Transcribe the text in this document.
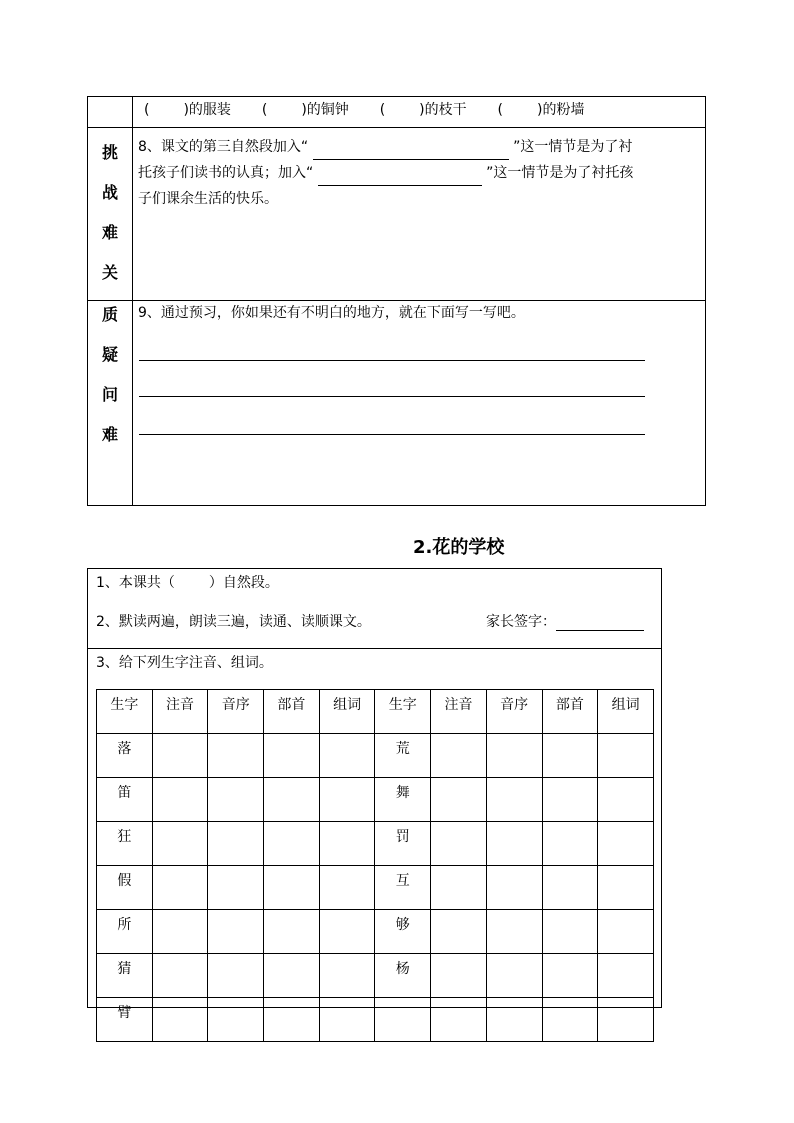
( )的服装 ( )的铜钟 ( )的枝干 ( )的粉墙
挑
战
难
关
8、课文的第三自然段加入“	”这一情节是为了衬
托孩子们读书的认真；加入“	”这一情节是为了衬托孩
子们课余生活的快乐。
质
疑
问
难
9、通过预习，你如果还有不明白的地方，就在下面写一写吧。
2.花的学校
1、本课共（ ）自然段。
2、默读两遍，朗读三遍，读通、读顺课文。	家长签字：
3、给下列生字注音、组词。
生字	注音	音序	部首	组词	生字	注音	音序	部首	组词
落					荒				
笛					舞				
狂					罚				
假					互				
所					够				
猜					杨				
臂									
